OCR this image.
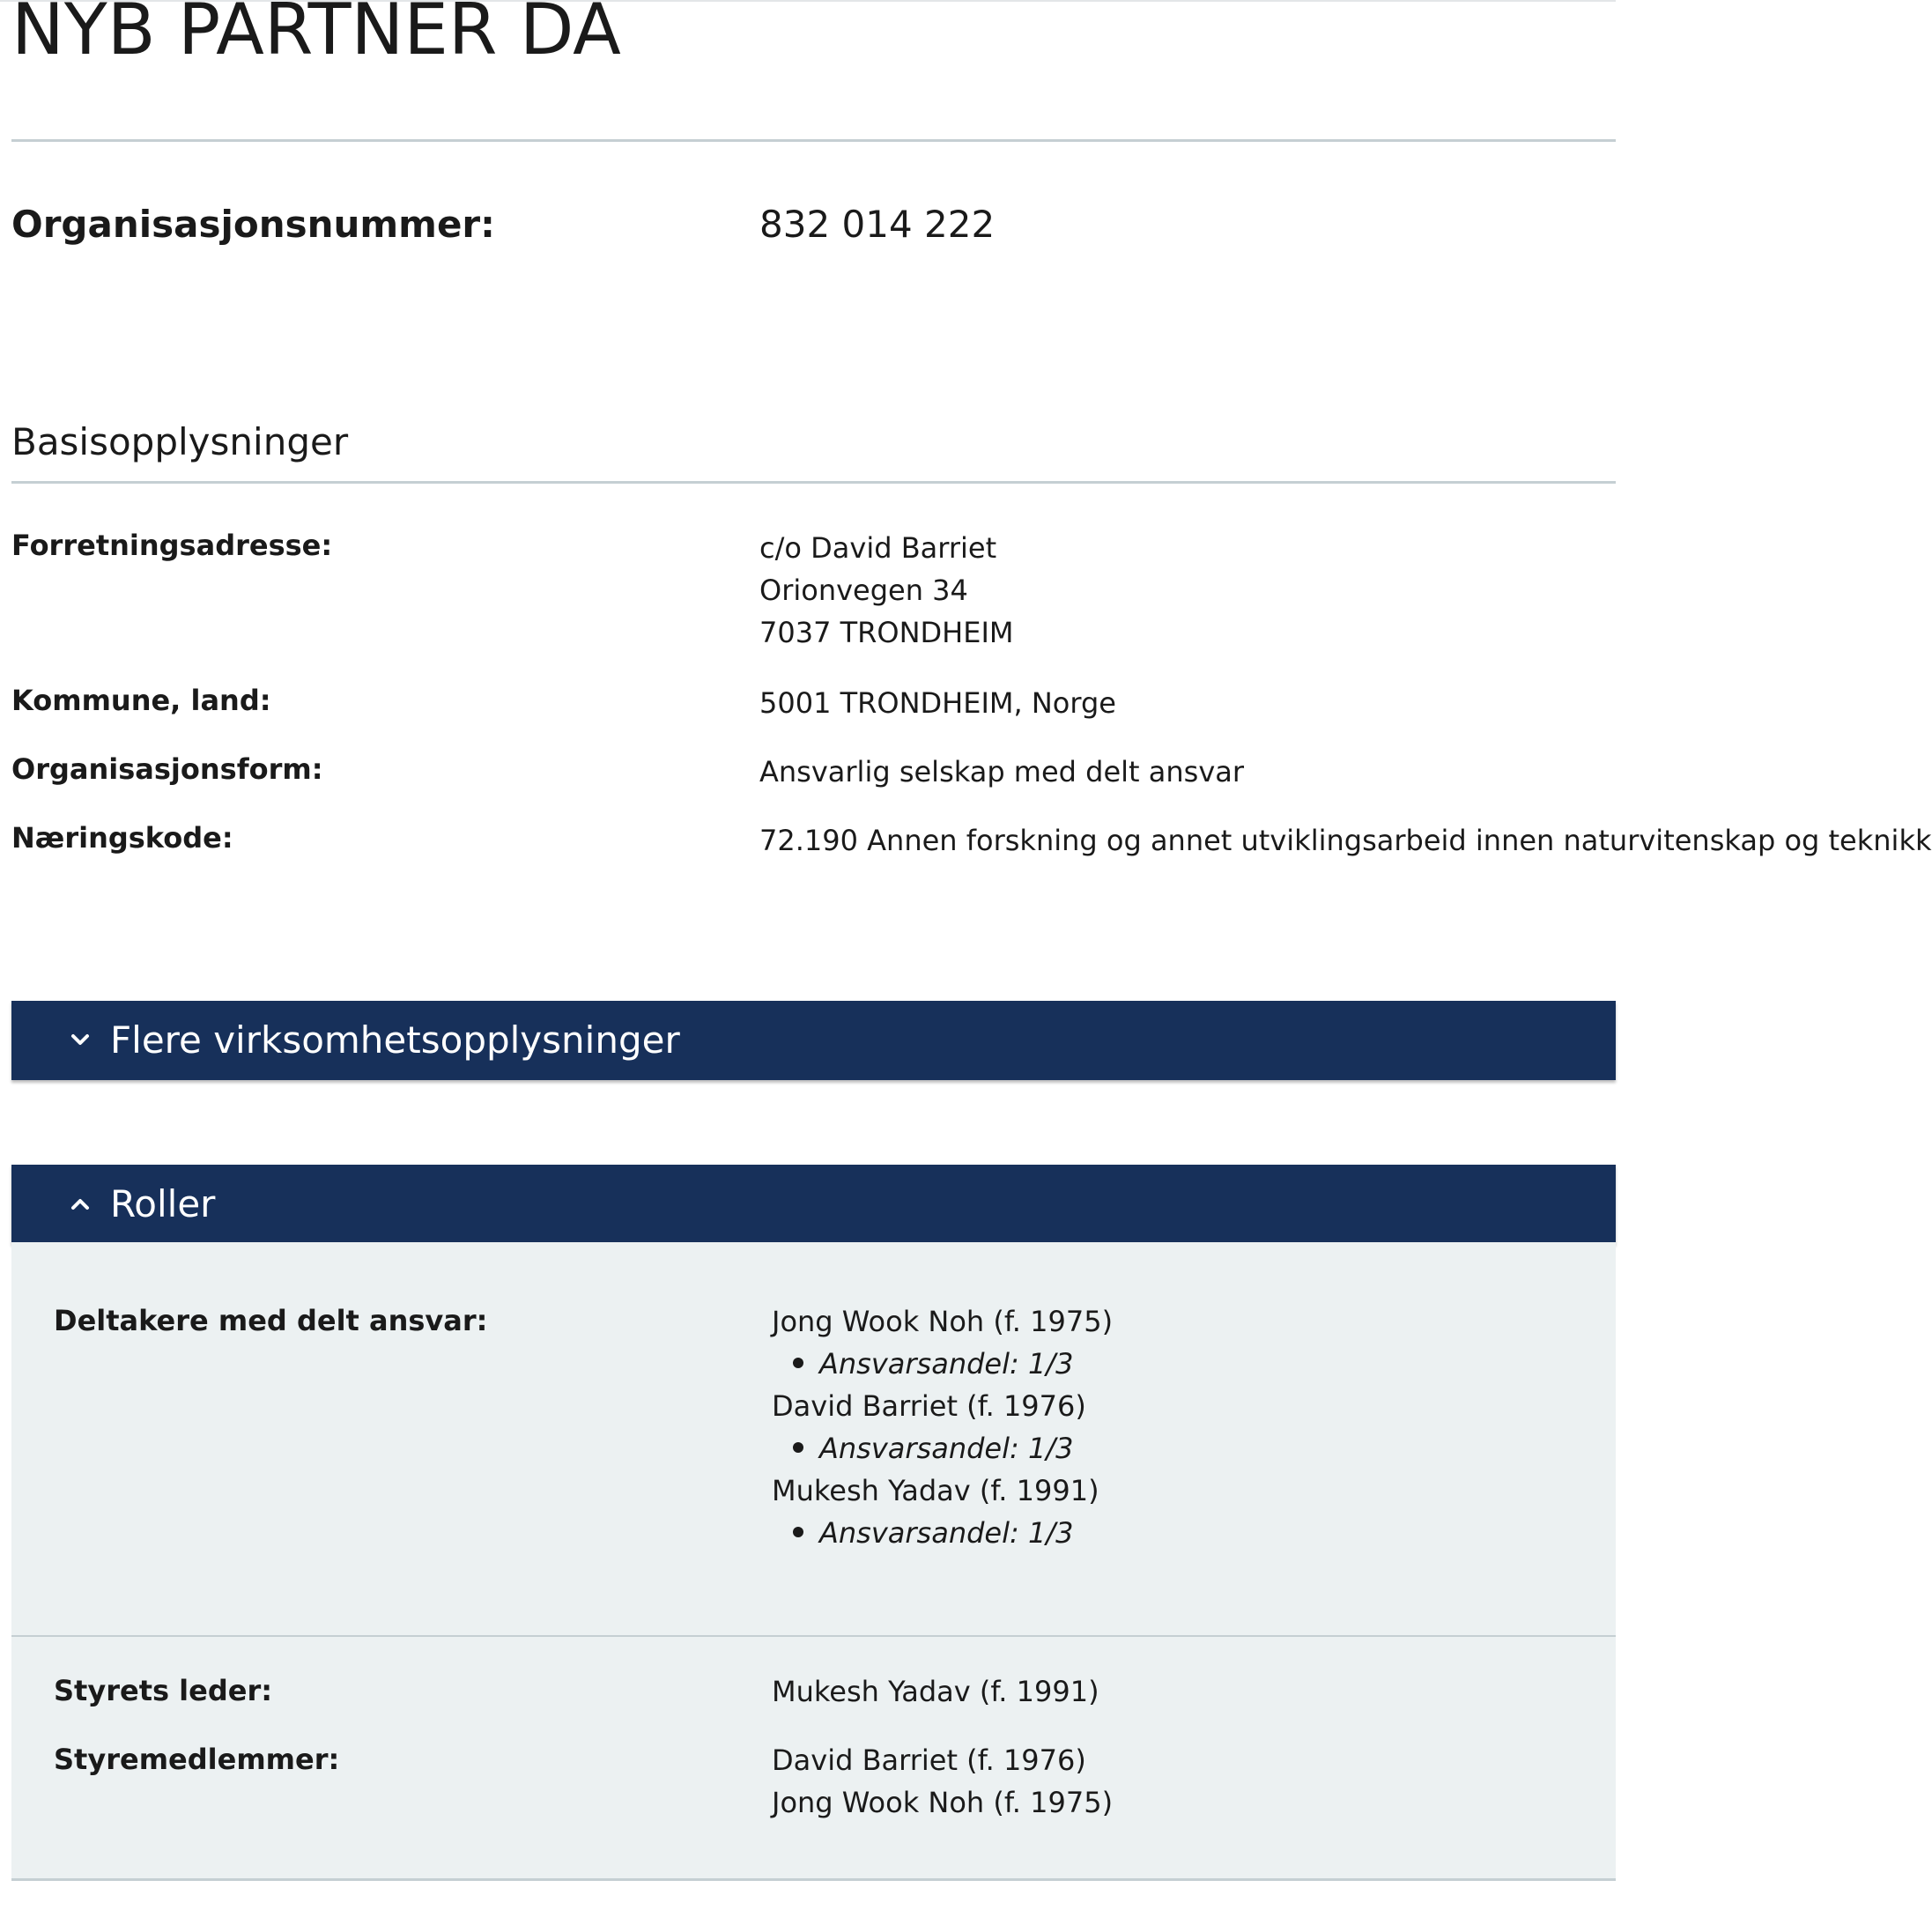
NYB PARTNER DA
Organisasjonsnummer:	832 014 222
Basisopplysninger
Forretningsadresse:	c/o David Barriet
Orionvegen 34
7037 TRONDHEIM
Kommune, land:	5001 TRONDHEIM, Norge
Organisasjonsform:	Ansvarlig selskap med delt ansvar
Næringskode:	72.190 Annen forskning og annet utviklingsarbeid innen naturvitenskap og teknikk
Flere virksomhetsopplysninger
Roller
Deltakere med delt ansvar:	Jong Wook Noh (f. 1975)
Ansvarsandel: 1/3
David Barriet (f. 1976)
Ansvarsandel: 1/3
Mukesh Yadav (f. 1991)
Ansvarsandel: 1/3
Styrets leder:	Mukesh Yadav (f. 1991)
Styremedlemmer:	David Barriet (f. 1976)
Jong Wook Noh (f. 1975)
